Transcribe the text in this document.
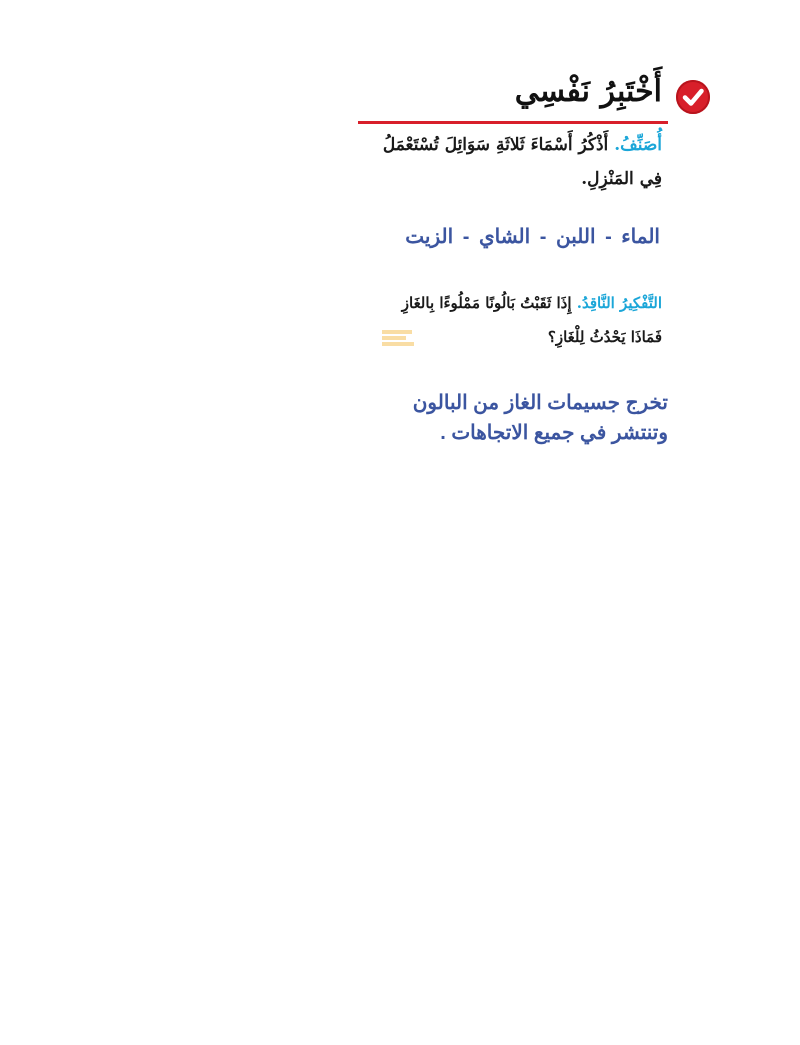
أَخْتَبِرُ نَفْسِي
أُصَنِّفُ. أَذْكُرُ أَسْمَاءَ ثَلاثَةِ سَوَائِلَ تُسْتَعْمَلُ فِي المَنْزِلِ.
الماء - اللبن - الشاي - الزيت
التَّفْكِيرُ النَّاقِدُ. إِذَا ثَقَبْتُ بَالُونًا مَمْلُوءًا بِالغَازِ فَمَاذَا يَحْدُثُ لِلْغَازِ؟
تخرج جسيمات الغاز من البالون
وتنتشر في جميع الاتجاهات .
